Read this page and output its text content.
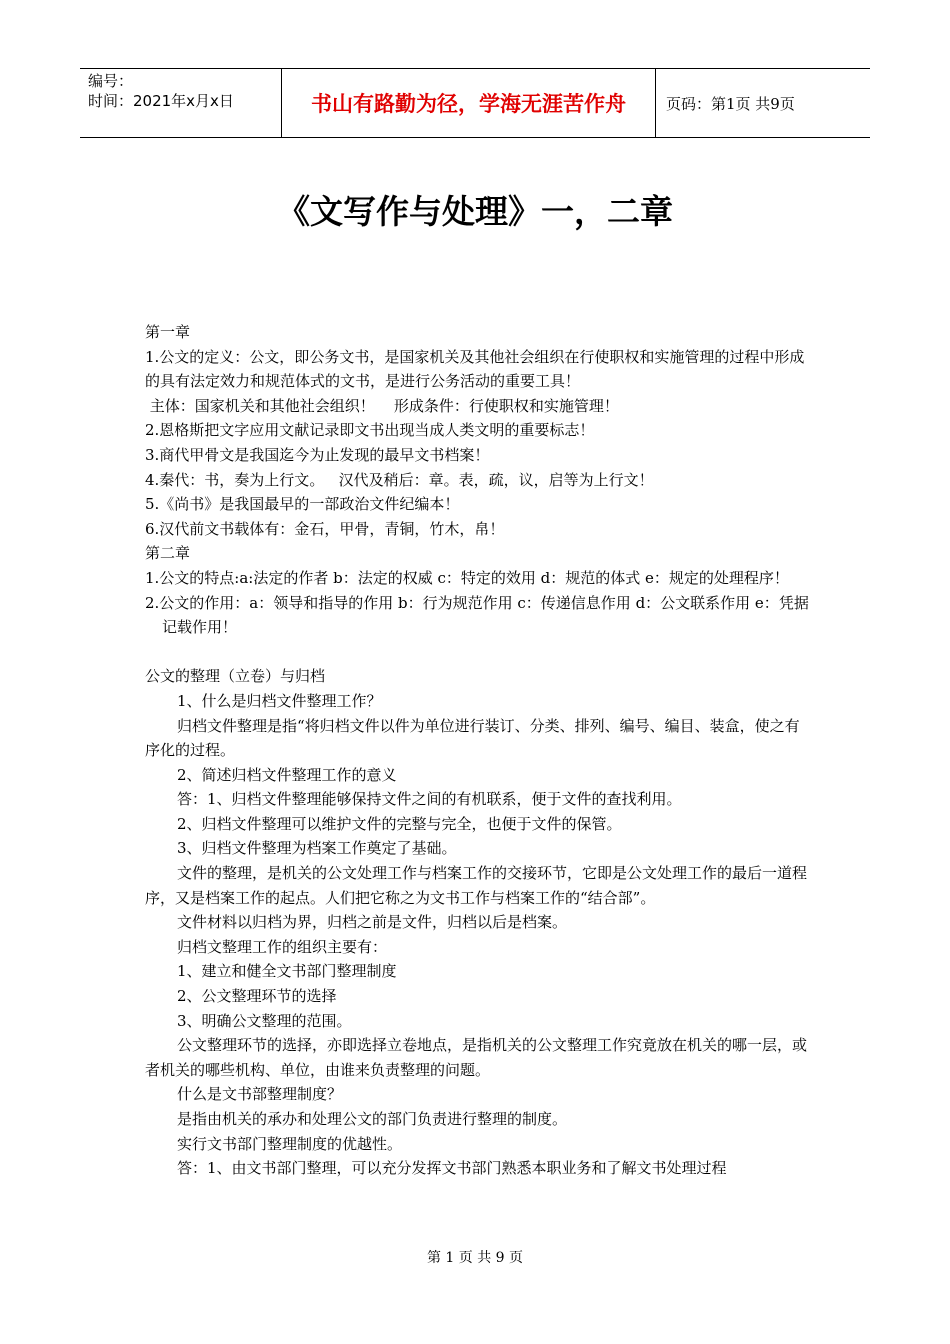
编号：
时间：2021年x月x日	书山有路勤为径，学海无涯苦作舟	页码：第1页 共9页
《文写作与处理》一，二章

第一章

1.公文的定义：公文，即公务文书，是国家机关及其他社会组织在行使职权和实施管理的过程中形成的具有法定效力和规范体式的文书，是进行公务活动的重要工具！

主体：国家机关和其他社会组织！    形成条件：行使职权和实施管理！

2.恩格斯把文字应用文献记录即文书出现当成人类文明的重要标志！

3.商代甲骨文是我国迄今为止发现的最早文书档案！

4.秦代：书，奏为上行文。   汉代及稍后：章。表，疏，议，启等为上行文！

5.《尚书》是我国最早的一部政治文件纪编本！

6.汉代前文书载体有：金石，甲骨，青铜，竹木，帛！

第二章

1.公文的特点:a:法定的作者 b：法定的权威 c：特定的效用 d：规范的体式 e：规定的处理程序！

2.公文的作用：a：领导和指导的作用 b：行为规范作用 c：传递信息作用 d：公文联系作用 e：凭据记载作用！

公文的整理（立卷）与归档

1、什么是归档文件整理工作？

归档文件整理是指“将归档文件以件为单位进行装订、分类、排列、编号、编目、装盒，使之有序化的过程。

2、简述归档文件整理工作的意义

答：1、归档文件整理能够保持文件之间的有机联系，便于文件的查找利用。

2、归档文件整理可以维护文件的完整与完全，也便于文件的保管。

3、归档文件整理为档案工作奠定了基础。

文件的整理，是机关的公文处理工作与档案工作的交接环节，它即是公文处理工作的最后一道程序，又是档案工作的起点。人们把它称之为文书工作与档案工作的“结合部”。

文件材料以归档为界，归档之前是文件，归档以后是档案。

归档文整理工作的组织主要有：

1、建立和健全文书部门整理制度

2、公文整理环节的选择

3、明确公文整理的范围。

公文整理环节的选择，亦即选择立卷地点，是指机关的公文整理工作究竟放在机关的哪一层，或者机关的哪些机构、单位，由谁来负责整理的问题。

什么是文书部整理制度？

是指由机关的承办和处理公文的部门负责进行整理的制度。

实行文书部门整理制度的优越性。

答：1、由文书部门整理，可以充分发挥文书部门熟悉本职业务和了解文书处理过程

第 1 页 共 9 页
